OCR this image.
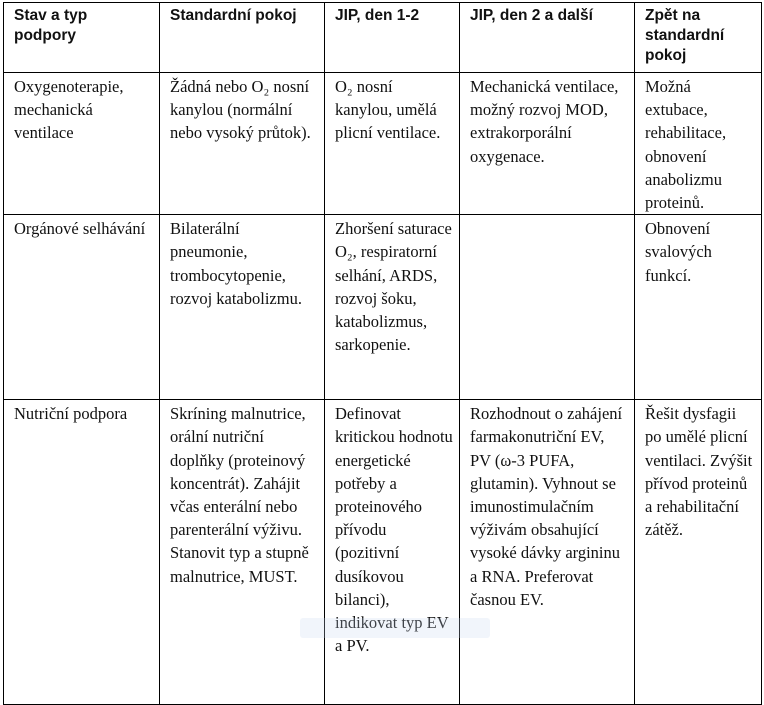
Stav a typ podpory	Standardní pokoj	JIP, den 1-2	JIP, den 2 a další	Zpět na standardní pokoj
Oxygenoterapie, mechanická ventilace	Žádná nebo O₂ nosní kanylou (normální nebo vysoký průtok).	O₂ nosní kanylou, umělá plicní ventilace.	Mechanická ventilace, možný rozvoj MOD, extrakorporální oxygenace.	Možná extubace, rehabilitace, obnovení anabolizmu proteinů.
Orgánové selhávání	Bilaterální pneumonie, trombocytopenie, rozvoj katabolizmu.	Zhoršení saturace O₂, respiratorní selhání, ARDS, rozvoj šoku, katabolizmus, sarkopenie.		Obnovení svalových funkcí.
Nutriční podpora	Skríning malnutrice, orální nutriční doplňky (proteinový koncentrát). Zahájit včas enterální nebo parenterální výživu. Stanovit typ a stupně malnutrice, MUST.	Definovat kritickou hodnotu energetické potřeby a proteinového přívodu (pozitivní dusíkovou bilanci), indikovat typ EV a PV.	Rozhodnout o zahájení farmakonutriční EV, PV (ω-3 PUFA, glutamin). Vyhnout se imunostimulačním výživám obsahující vysoké dávky argininu a RNA. Preferovat časnou EV.	Řešit dysfagii po umělé plicní ventilaci. Zvýšit přívod proteinů a rehabilitační zátěž.
